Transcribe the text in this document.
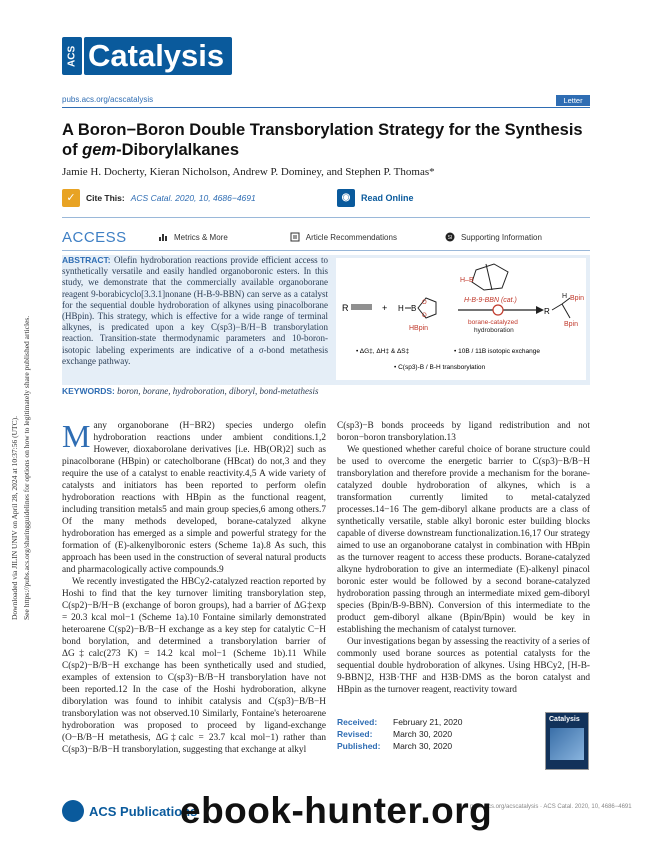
Downloaded via JILIN UNIV on April 28, 2024 at 10:37:56 (UTC). See https://pubs.acs.org/sharingguidelines for options on how to legitimately share published articles.
ACS Catalysis
pubs.acs.org/acscatalysis	Letter
A Boron−Boron Double Transborylation Strategy for the Synthesis of gem-Diborylalkanes
Jamie H. Docherty, Kieran Nicholson, Andrew P. Dominey, and Stephen P. Thomas*
✓	Cite This: ACS Catal. 2020, 10, 4686−4691	◉	Read Online
ACCESS	Metrics & More	Article Recommendations	SI Supporting Information
ABSTRACT: Olefin hydroboration reactions provide efficient access to synthetically versatile and easily handled organoboronic esters. In this study, we demonstrate that the commercially available organoborane reagent 9-borabicyclo[3.3.1]nonane (H-B-9-BBN) can serve as a catalyst for the sequential double hydroboration of alkynes using pinacolborane (HBpin). This strategy, which is effective for a wide range of terminal alkynes, is predicated upon a key C(sp3)−B/H−B transborylation reaction. Transition-state thermodynamic parameters and 10-boron-isotopic labeling experiments are indicative of a σ-bond metathesis exchange pathway.
R	+ H B
O
O
HBpin
H–B
H-B-9-BBN (cat.)
borane-catalyzed
hydroboration
R
H Bpin
Bpin
• ΔG‡, ΔH‡ & ΔS‡	• 10B / 11B isotopic exchange
• C(sp3)-B / B-H transborylation
KEYWORDS: boron, borane, hydroboration, diboryl, bond-metathesis
Many organoborane (H−BR2) species undergo olefin hydroboration reactions under ambient conditions.1,2 However, dioxaborolane derivatives [i.e. HB(OR)2] such as pinacolborane (HBpin) or catecholborane (HBcat) do not,3 and they require the use of a catalyst to enable reactivity.4,5 A wide variety of catalysts and initiators has been reported to perform olefin hydroboration reactions with HBpin as the functional reagent, including transition metals5 and main group species,6 among others.7 Of the many methods developed, borane-catalyzed alkyne hydroboration has emerged as a simple and powerful strategy for the formation of (E)-alkenylboronic esters (Scheme 1a).8 As such, this approach has been used in the construction of several natural products and pharmacologically active compounds.9
We recently investigated the HBCy2-catalyzed reaction reported by Hoshi to find that the key turnover limiting transborylation step, C(sp2)−B/H−B (exchange of boron groups), had a barrier of ΔG‡exp = 20.3 kcal mol−1 (Scheme 1a).10 Fontaine similarly demonstrated heteroarene C(sp2)−B/B−H exchange as a key step for catalytic C−H bond borylation, and determined a transborylation barrier of ΔG‡calc(273 K) = 14.2 kcal mol−1 (Scheme 1b).11 While C(sp2)−B/B−H exchange has been synthetically used and studied, examples of extension to C(sp3)−B/B−H transborylation have not been reported.12 In the case of the Hoshi hydroboration, alkyne diborylation was found to inhibit catalysis and C(sp3)−B/B−H transborylation was not observed.10 Similarly, Fontaine's heteroarene hydroboration was proposed to proceed by ligand-exchange (O−B/B−H metathesis, ΔG‡calc = 23.7 kcal mol−1) rather than C(sp3)−B/B−H transborylation, suggesting that exchange at alkyl
C(sp3)−B bonds proceeds by ligand redistribution and not boron−boron transborylation.13
We questioned whether careful choice of borane structure could be used to overcome the energetic barrier to C(sp3)−B/B−H transborylation and therefore provide a mechanism for the borane-catalyzed double hydroboration of alkynes, which is a transformation currently limited to metal-catalyzed processes.14−16 The gem-diboryl alkane products are a class of synthetically versatile, stable alkyl boronic ester building blocks capable of diverse downstream functionalization.16,17 Our strategy aimed to use an organoborane catalyst in combination with HBpin as the turnover reagent to access these products. Borane-catalyzed alkyne hydroboration to give an intermediate (E)-alkenyl pinacol boronic ester would be followed by a second borane-catalyzed hydroboration passing through an intermediate mixed gem-diboryl species (Bpin/B-9-BBN). Conversion of this intermediate to the product gem-diboryl alkane (Bpin/Bpin) would be key in establishing the mechanism of catalyst turnover.
Our investigations began by assessing the reactivity of a series of commonly used borane sources as potential catalysts for the sequential double hydroboration of alkynes. Using HBCy2, [H-B-9-BBN]2, H3B·THF and H3B·DMS as the boron catalyst and HBpin as the turnover reagent, reactivity toward
Received: February 21, 2020
Revised: March 30, 2020
Published: March 30, 2020
Catalysis
ACS Publications	pubs.acs.org/acscatalysis · ACS Catal. 2020, 10, 4686−4691
ebook-hunter.org
